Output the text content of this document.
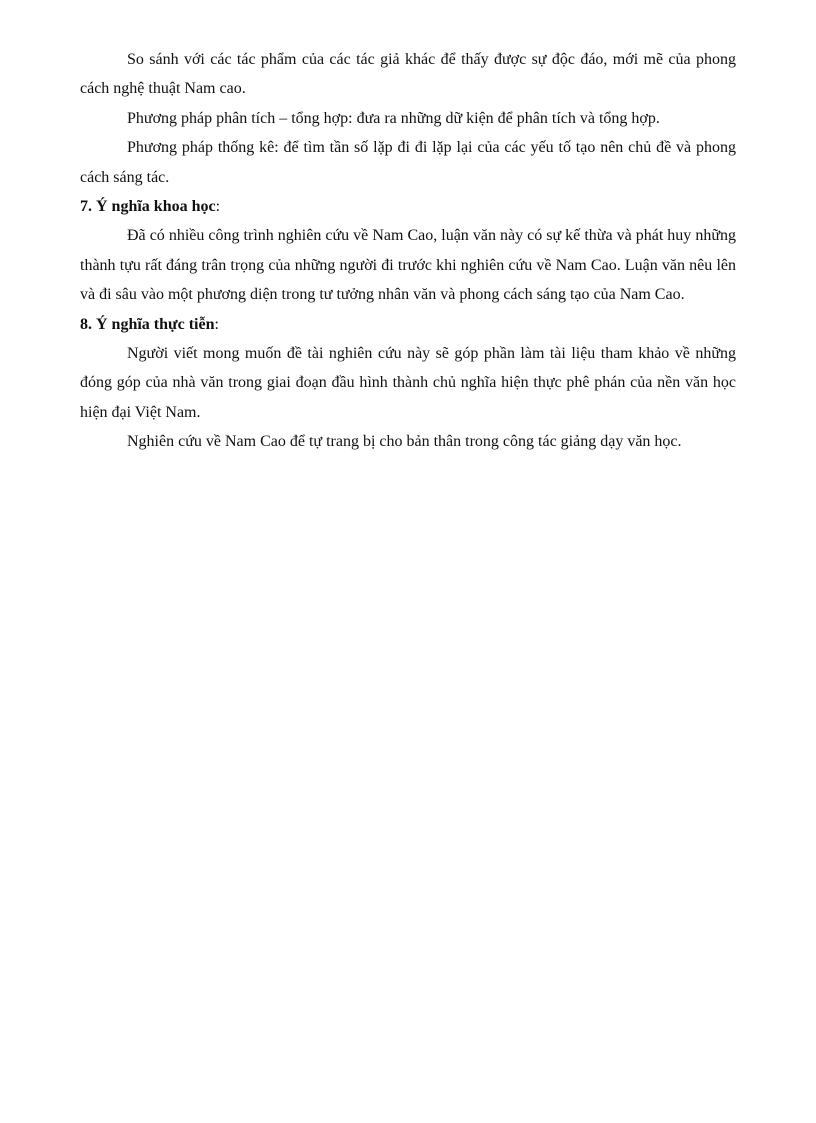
So sánh với các tác phẩm của các tác giả khác để thấy được sự độc đáo, mới mẽ của phong cách nghệ thuật Nam cao.

Phương pháp phân tích – tổng hợp: đưa ra những dữ kiện để phân tích và tổng hợp.

Phương pháp thống kê: để tìm tần số lặp đi đi lặp lại của các yếu tố tạo nên chủ đề và phong cách sáng tác.

7. Ý nghĩa khoa học:

Đã có nhiều công trình nghiên cứu về Nam Cao, luận văn này có sự kế thừa và phát huy những thành tựu rất đáng trân trọng của những người đi trước khi nghiên cứu về Nam Cao. Luận văn nêu lên và đi sâu vào một phương diện trong tư tưởng nhân văn và phong cách sáng tạo của Nam Cao.

8. Ý nghĩa thực tiễn:

Người viết mong muốn đề tài nghiên cứu này sẽ góp phần làm tài liệu tham khảo về những đóng góp của nhà văn trong giai đoạn đầu hình thành chủ nghĩa hiện thực phê phán của nền văn học hiện đại Việt Nam.

Nghiên cứu về Nam Cao để tự trang bị cho bản thân trong công tác giảng dạy văn học.
